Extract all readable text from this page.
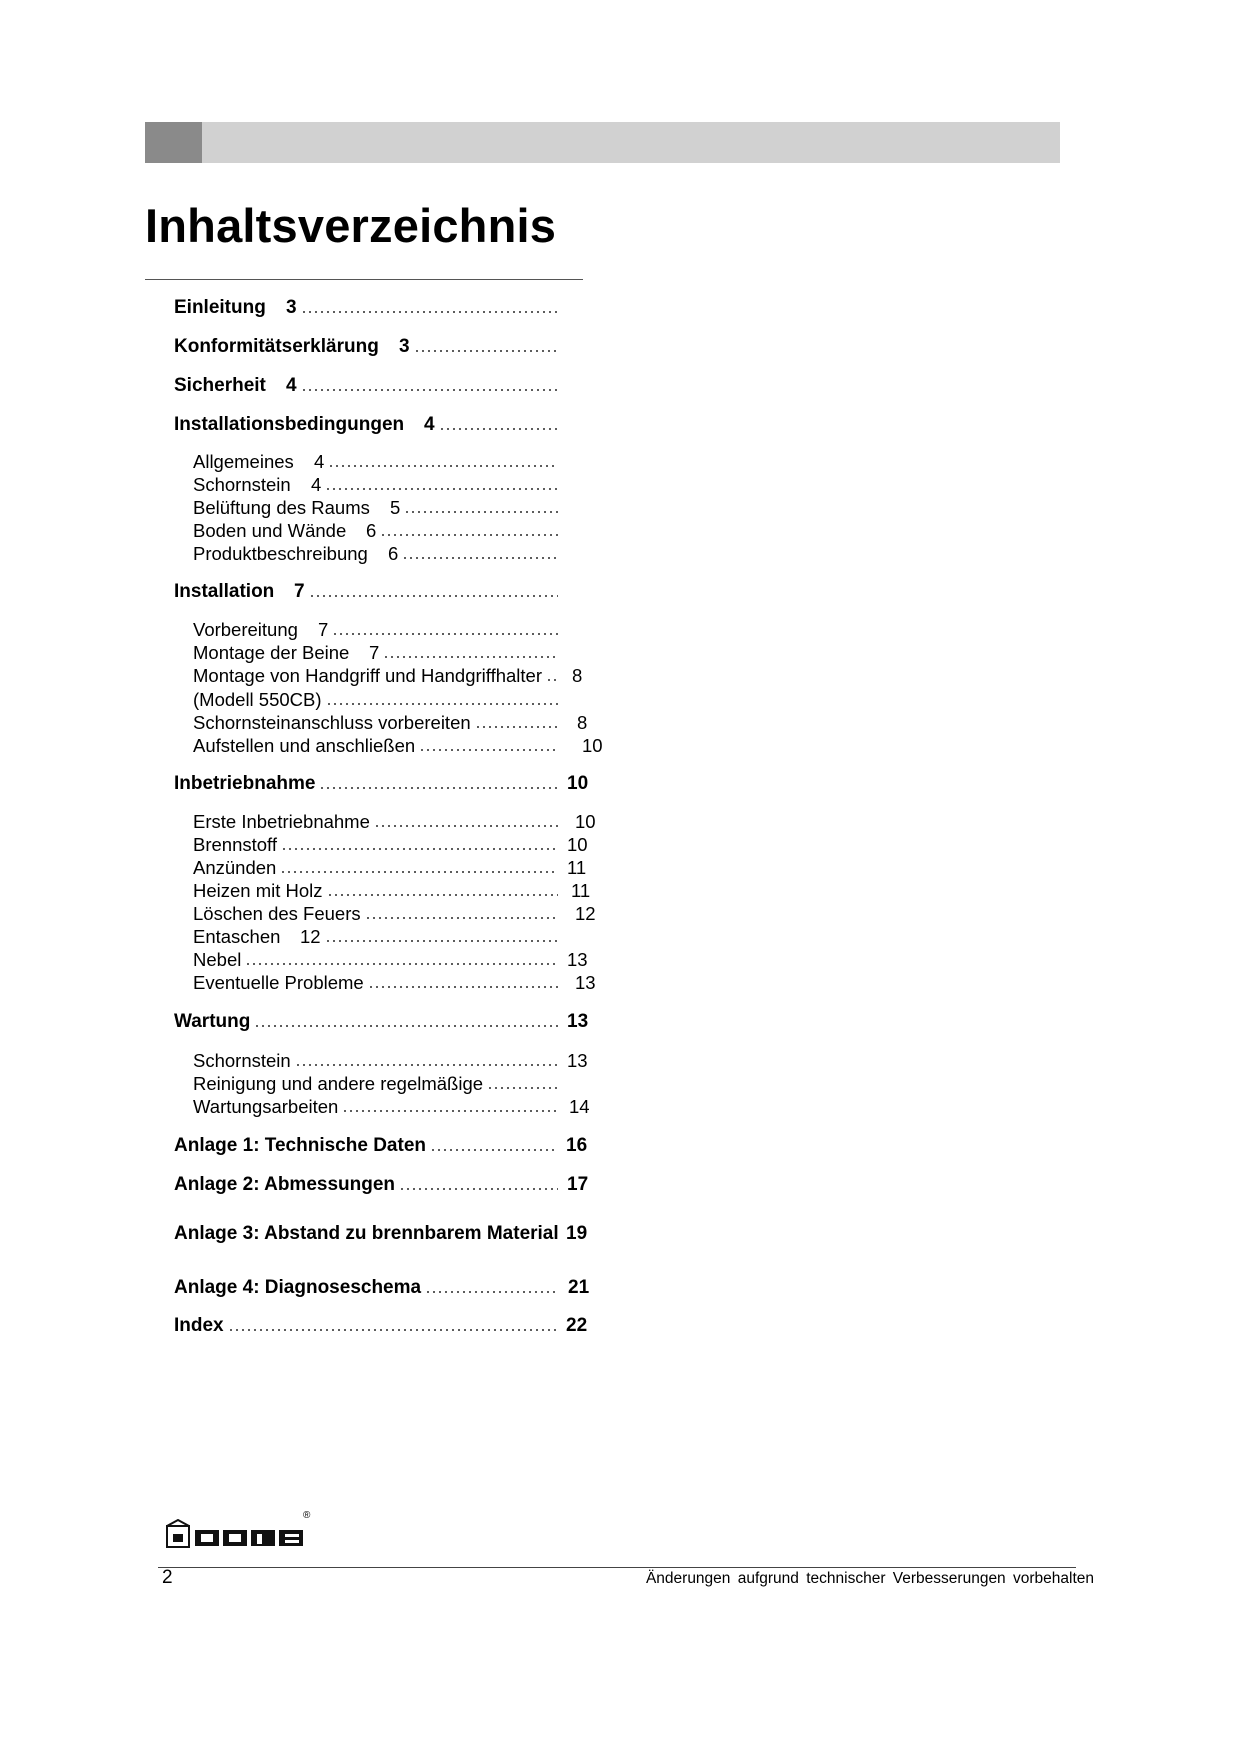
Inhaltsverzeichnis
Einleitung 3
Konformitätserklärung 3
Sicherheit 4
Installationsbedingungen 4
Allgemeines 4
Schornstein 4
Belüftung des Raums 5
Boden und Wände 6
Produktbeschreibung 6
Installation 7
Vorbereitung 7
Montage der Beine 7
Montage von Handgriff und Handgriffhalter 8
(Modell 550CB)
Schornsteinanschluss vorbereiten	8
Aufstellen und anschließen	10
Inbetriebnahme	10
Erste Inbetriebnahme	10
Brennstoff	10
Anzünden	11
Heizen mit Holz	11
Löschen des Feuers	12
Entaschen 12
Nebel	13
Eventuelle Probleme	13
Wartung	13
Schornstein	13
Reinigung und andere regelmäßige
Wartungsarbeiten	14
Anlage 1: Technische Daten	16
Anlage 2: Abmessungen	17
Anlage 3: Abstand zu brennbarem Material 19
Anlage 4: Diagnoseschema	21
Index	22
®
2	Änderungen aufgrund technischer Verbesserungen vorbehalten
